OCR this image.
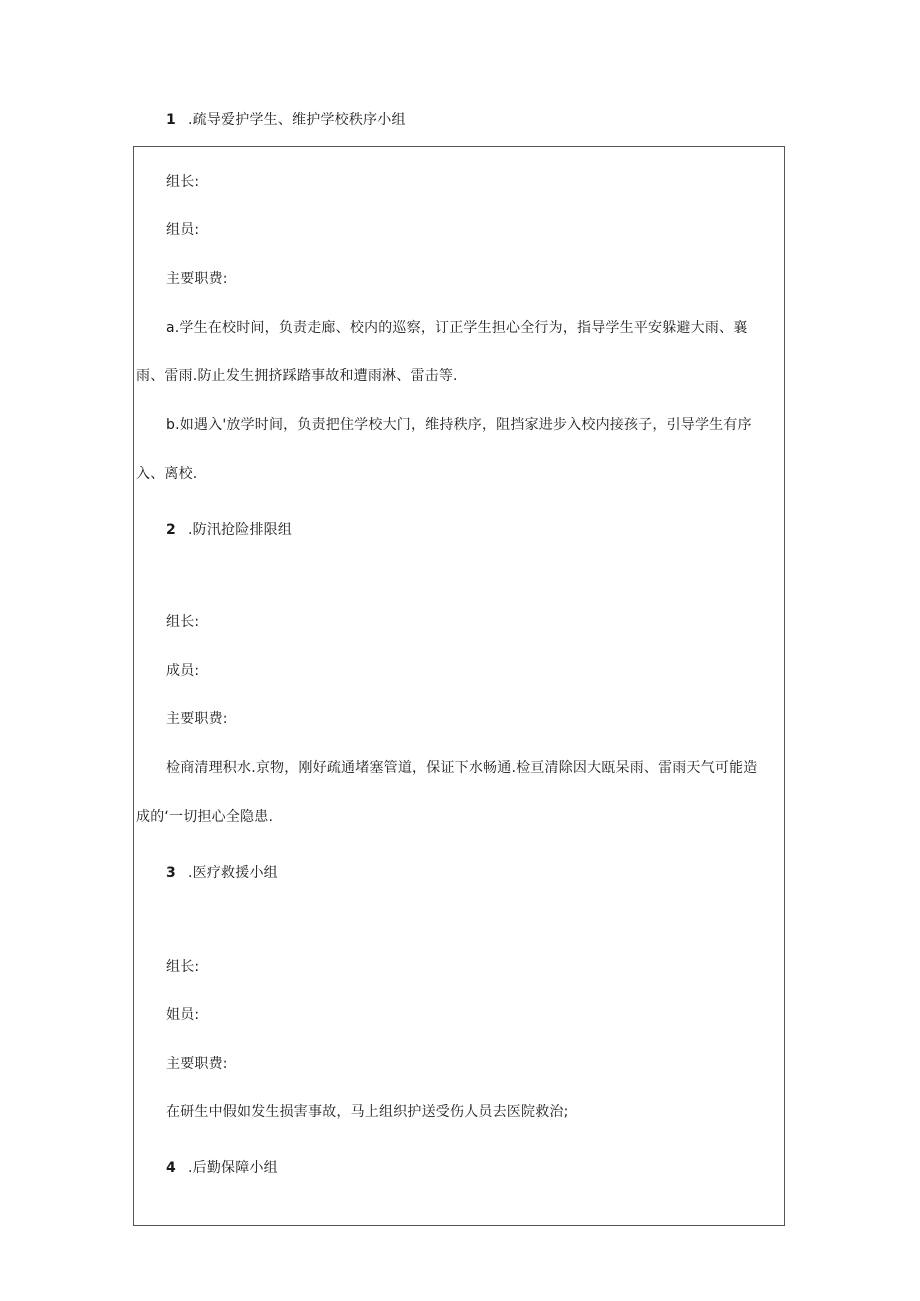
1 .疏导爱护学生、维护学校秩序小组
组长:
组员:
主要职费:
a.学生在校时间，负责走廊、校内的巡察，订正学生担心全行为，指导学生平安躲避大雨、襄
雨、雷雨.防止发生拥挤踩踏事故和遭雨淋、雷击等.
b.如遇入'放学时间，负责把住学校大门，维持秩序，阻挡家进步入校内接孩子，引导学生有序
入、离校.
2 .防汛抢险排限组
组长:
成员:
主要职费:
检商清理积水.京物，刚好疏通堵塞管道，保证下水畅通.检亘清除因大瓯呆雨、雷雨天气可能造
成的‘一切担心全隐患.
3 .医疗救援小组
组长:
姐员:
主要职费:
在研生中假如发生损害事故，马上组织护送受伤人员去医院救治;
4 .后勤保障小组
